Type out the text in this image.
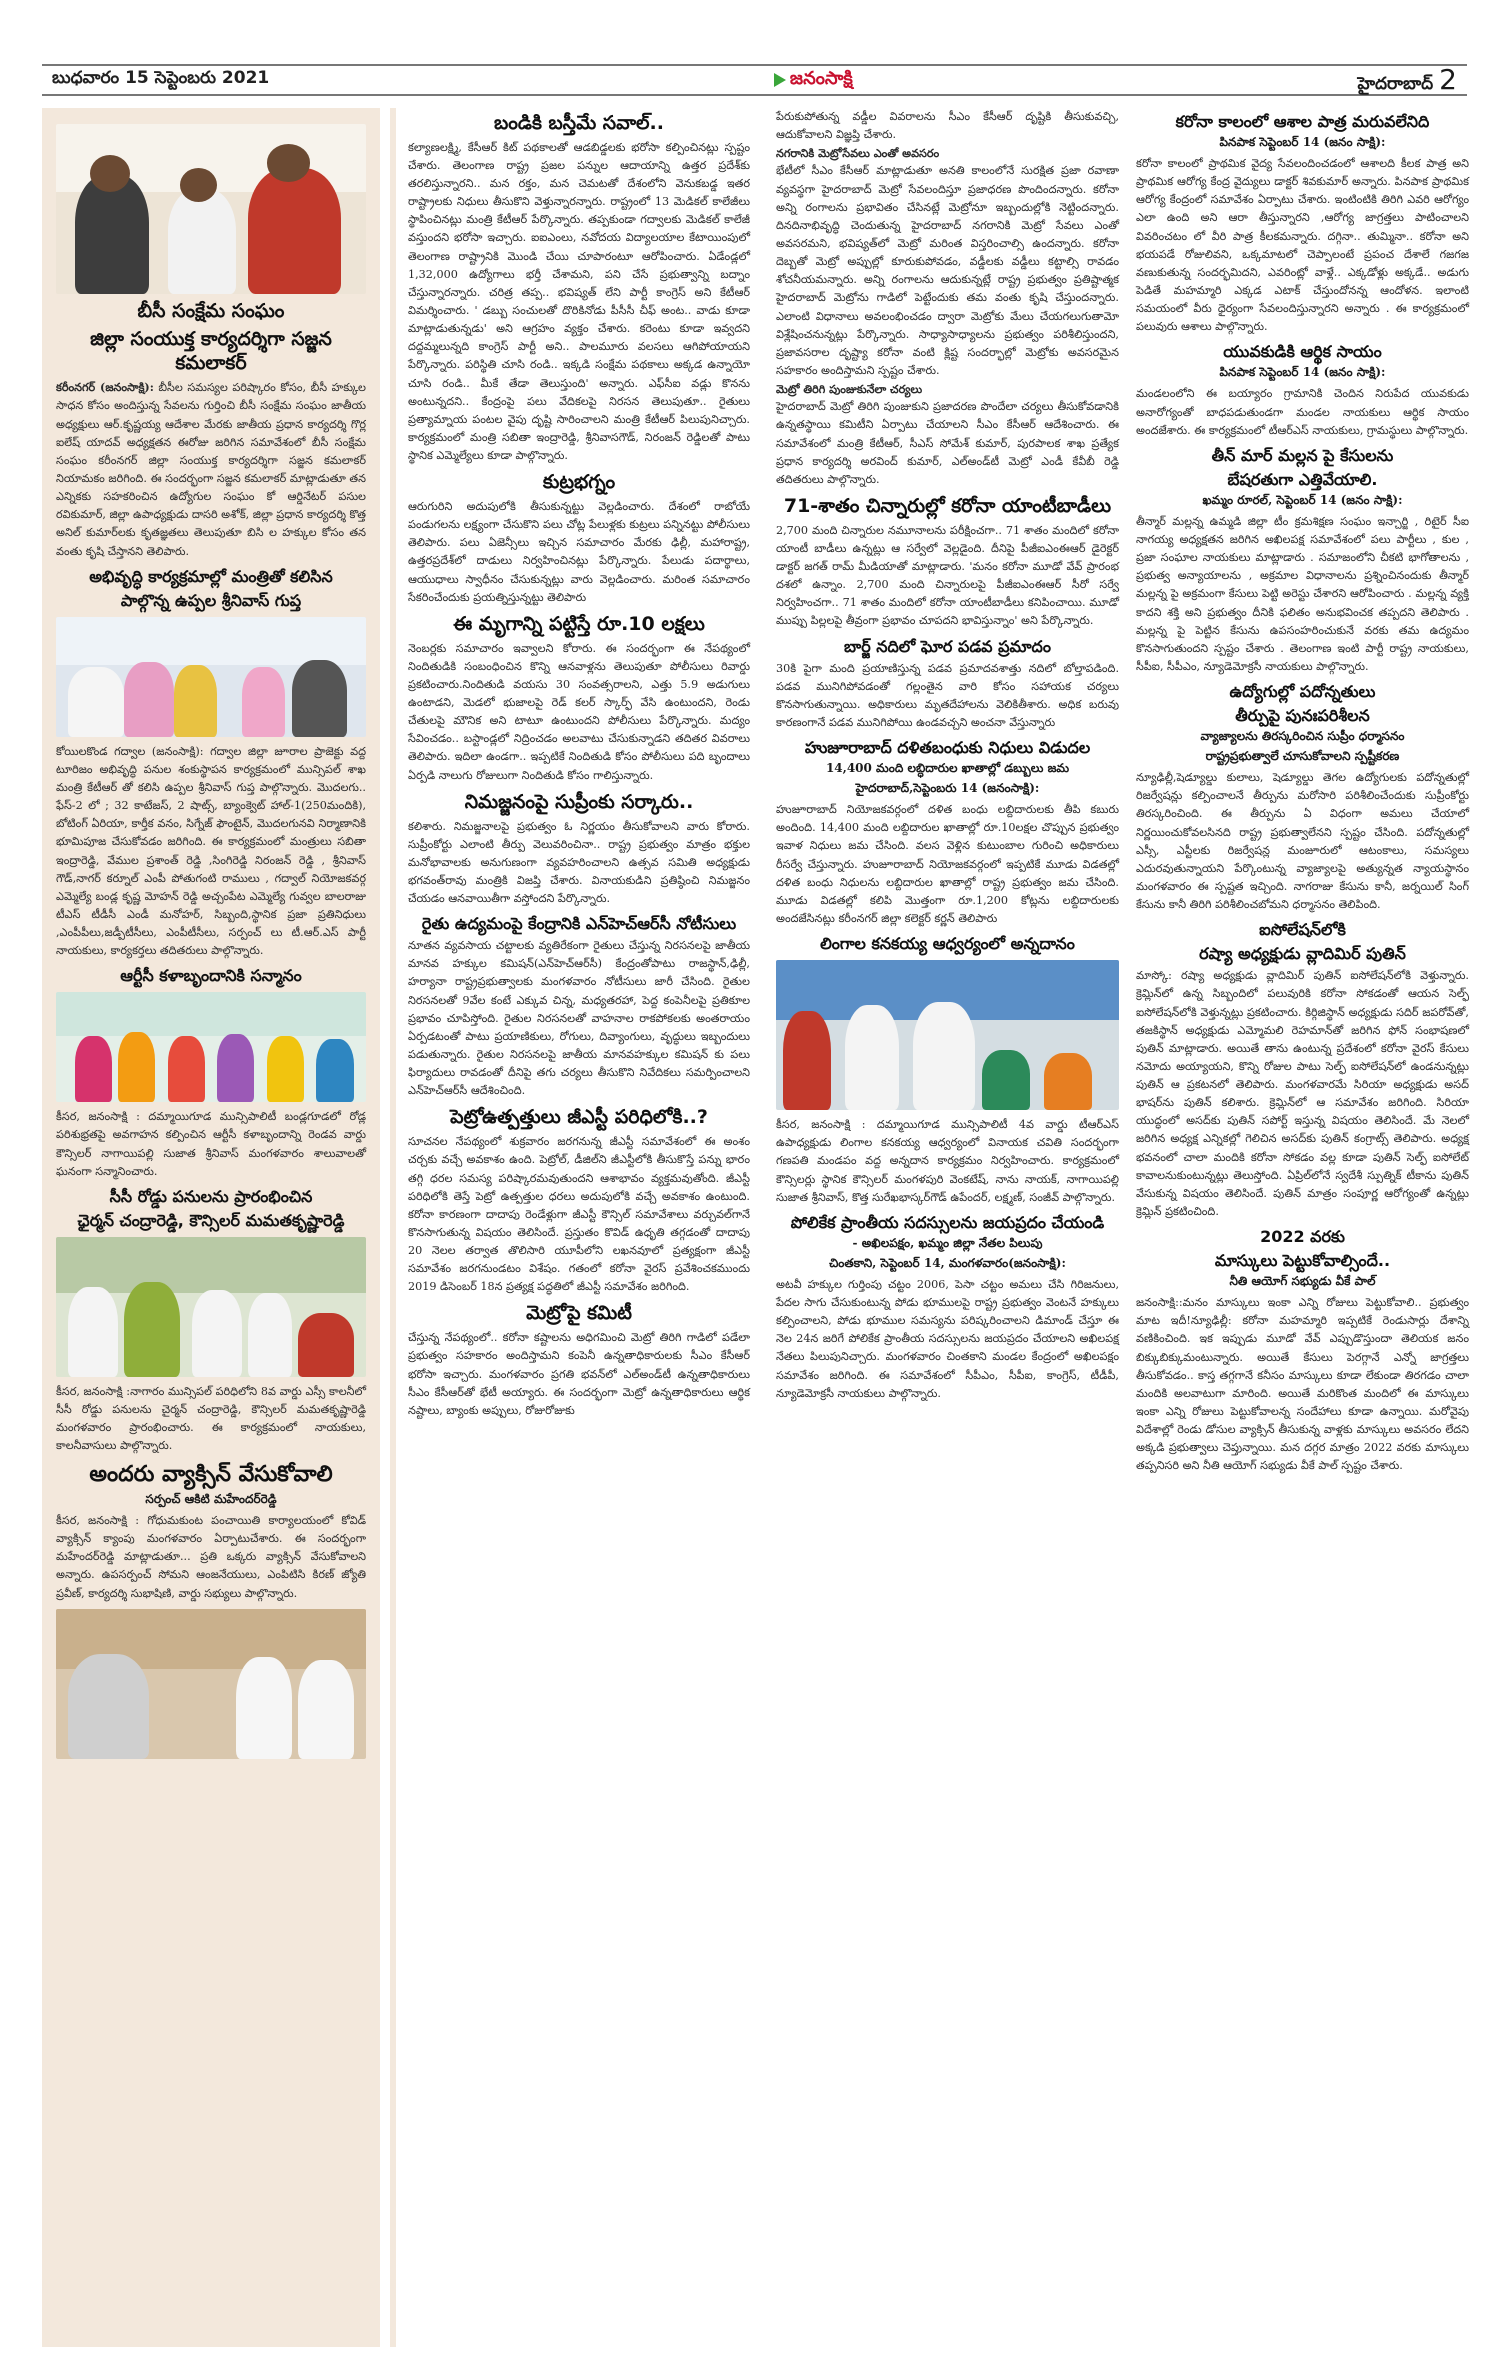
బుధవారం 15 సెప్టెంబరు 2021	జనంసాక్షి	హైదరాబాద్ 2
బీసీ సంక్షేమ సంఘం
జిల్లా సంయుక్త కార్యదర్శిగా సజ్జన కమలాకర్

కరీంనగర్ (జనంసాక్షి): బీసీల సమస్యల పరిష్కారం కోసం, బీసీ హక్కుల సాధన కోసం అందిస్తున్న సేవలను గుర్తించి బీసీ సంక్షేమ సంఘం జాతీయ అధ్యక్షులు ఆర్.కృష్ణయ్య ఆదేశాల మేరకు జాతీయ ప్రధాన కార్యదర్శి గొర్ల ఐలేష్ యాదవ్ అధ్యక్షతన ఈరోజు జరిగిన సమావేశంలో బీసీ సంక్షేమ సంఘం కరీంనగర్ జిల్లా సంయుక్త కార్యదర్శిగా సజ్జన కమలాకర్ నియామకం జరిగింది. ఈ సందర్భంగా సజ్జన కమలాకర్ మాట్లాడుతూ తన ఎన్నికకు సహకరించిన ఉద్యోగుల సంఘం కో ఆర్డినేటర్ పసుల రవికుమార్, జిల్లా ఉపాధ్యక్షుడు దాసరి అశోక్, జిల్లా ప్రధాన కార్యదర్శి కొత్త అనిల్ కుమార్‌లకు కృతజ్ఞతలు తెలుపుతూ బిసి ల హక్కుల కోసం తన వంతు కృషి చేస్తానని తెలిపారు.

అభివృద్ధి కార్యక్రమాల్లో మంత్రితో కలిసిన
పాల్గొన్న ఉప్పల శ్రీనివాస్ గుప్త

కోయిలకొండ గద్వాల (జనంసాక్షి): గద్వాల జిల్లా జూరాల ప్రాజెక్టు వద్ద టూరిజం అభివృద్ధి పనుల శంకుస్థాపన కార్యక్రమంలో మున్సిపల్ శాఖ మంత్రి కేటీఆర్ తో కలిసి ఉప్పల శ్రీనివాస్ గుప్త పాల్గొన్నారు. మొదలగు.. ఫేస్-2 లో ; 32 కాటేజస్, 2 షాట్స్, బ్యాంక్వెట్ హాల్-1(250మందికి), బోటింగ్ ఏరియా, కార్తీక వనం, సిగ్నేజ్ ఫౌంటైన్, మొదలగునవి నిర్మాణానికి భూమిపూజ చేసుకోవడం జరిగింది. ఈ కార్యక్రమంలో మంత్రులు సబితా ఇంద్రారెడ్డి, వేముల ప్రశాంత్ రెడ్డి ,సింగిరెడ్డి నిరంజన్ రెడ్డి , శ్రీనివాస్ గౌడ్,నాగర్ కర్నూల్ ఎంపీ పోతుగంటి రాములు , గద్వాల్ నియోజకవర్గ ఎమ్మెల్యే బండ్ల కృష్ణ మోహన్ రెడ్డి అచ్చంపేట ఎమ్మెల్యే గువ్వల బాలరాజు టీఎస్ టీడీసీ ఎండీ మనోహర్, సిబ్బంది,స్థానిక ప్రజా ప్రతినిధులు ,ఎంపీపీలు,జడ్పీటీసీలు, ఎంపీటీసీలు, సర్పంచ్ లు టీ.ఆర్.ఎస్ పార్టీ నాయకులు, కార్యకర్తలు తదితరులు పాల్గొన్నారు.

ఆర్టీసీ కళాబృందానికి సన్మానం

కీసర, జనంసాక్షి : దమ్మాయిగూడ మున్సిపాలిటీ బండ్లగూడలో రోడ్ల పరిశుభ్రతపై అవగాహన కల్పించిన ఆర్టీసీ కళాబృందాన్ని రెండవ వార్డు కౌన్సిలర్ నాగాయిపల్లి సుజాత శ్రీనివాస్ మంగళవారం శాలువాలతో ఘనంగా సన్మానించారు.

సీసీ రోడ్డు పనులను ప్రారంభించిన
ఛైర్మన్ చంద్రారెడ్డి, కౌన్సిలర్ మమతకృష్ణారెడ్డి

కీసర, జనంసాక్షి :నాగారం మున్సిపల్ పరిధిలోని 8వ వార్డు ఎస్సీ కాలనీలో సీసీ రోడ్డు పనులను చైర్మన్ చంద్రారెడ్డి, కౌన్సిలర్ మమతకృష్ణారెడ్డి మంగళవారం ప్రారంభించారు. ఈ కార్యక్రమంలో నాయకులు, కాలనీవాసులు పాల్గొన్నారు.

అందరు వ్యాక్సిన్ వేసుకోవాలి
సర్పంచ్ ఆకిటి మహేందర్‌రెడ్డి

కీసర, జనంసాక్షి : గోధుమకుంట పంచాయితి కార్యాలయంలో కోవిడ్ వ్యాక్సిన్ క్యాంపు మంగళవారం ఏర్పాటుచేశారు. ఈ సందర్భంగా మహేందర్‌రెడ్డి మాట్లాడుతూ... ప్రతి ఒక్కరు వ్యాక్సిన్ వేసుకోవాలని అన్నారు. ఉపసర్పంచ్ సోమని ఆంజనేయులు, ఎంపిటిసి కిరణ్ జ్యోతి ప్రవీణ్, కార్యదర్శి సుభాషిణి, వార్డు సభ్యులు పాల్గొన్నారు.

బండికి బస్తీమే సవాల్..

కల్యాణలక్ష్మి, కేసీఆర్ కిట్ పథకాలతో ఆడబిడ్డలకు భరోసా కల్పించినట్లు స్పష్టం చేశారు. తెలంగాణ రాష్ట్ర ప్రజల పన్నుల ఆదాయాన్ని ఉత్తర ప్రదేశ్‌కు తరలిస్తున్నారని.. మన రక్తం, మన చెమటతో దేశంలోని వెనుకబడ్డ ఇతర రాష్ట్రాలకు నిధులు తీసుకొని వెళ్తున్నారన్నారు. రాష్ట్రంలో 13 మెడికల్ కాలేజీలు స్థాపించినట్లు మంత్రి కేటీఆర్ పేర్కొన్నారు. తప్పకుండా గద్వాలకు మెడికల్ కాలేజీ వస్తుందని భరోసా ఇచ్చారు. ఐఐఎంలు, నవోదయ విద్యాలయాల కేటాయింపులో తెలంగాణ రాష్ట్రానికి మొండి చేయి చూపారంటూ ఆరోపించారు. ఏడేండ్లలో 1,32,000 ఉద్యోగాలు భర్తీ చేశామని, పని చేసే ప్రభుత్వాన్ని బద్నాం చేస్తున్నారన్నారు. చరిత్ర తప్ప.. భవిష్యత్ లేని పార్టీ కాంగ్రెస్ అని కేటీఆర్ విమర్శించారు. ' డబ్బు సంచులతో దొరికినోడు పీసీసీ చీఫ్ అంట.. వాడు కూడా మాట్లాడుతున్నడు' అని ఆగ్రహం వ్యక్తం చేశారు. కరెంటు కూడా ఇవ్వదని దద్దమ్మలున్నది కాంగ్రెస్ పార్టీ అని.. పాలమూరు వలసలు ఆగిపోయాయని పేర్కొన్నారు. పరిస్థితి చూసి రండి.. ఇక్కడి సంక్షేమ పథకాలు అక్కడ ఉన్నాయో చూసి రండి.. మీకే తేడా తెలుస్తుంది' అన్నారు. ఎఫ్‌సీఐ వడ్లు కొనను అంటున్నదని.. కేంద్రంపై పలు వేదికలపై నిరసన తెలుపుతూ.. రైతులు ప్రత్యామ్నాయ పంటల వైపు దృష్టి సారించాలని మంత్రి కేటీఆర్ పిలుపునిచ్చారు. కార్యక్రమంలో మంత్రి సబితా ఇంద్రారెడ్డి, శ్రీనివాసగౌడ్, నిరంజన్ రెడ్డిలతో పాటు స్థానిక ఎమ్మెల్యేలు కూడా పాల్గొన్నారు.

కుట్రభగ్నం

ఆరుగురిని అదుపులోకి తీసుకున్నట్టు వెల్లడించారు. దేశంలో రాబోయే పండుగలను లక్ష్యంగా చేసుకొని పలు చోట్ల పేలుళ్లకు కుట్రలు పన్నినట్టు పోలీసులు తెలిపారు. పలు ఏజెన్సీలు ఇచ్చిన సమాచారం మేరకు ఢిల్లీ, మహారాష్ట్ర, ఉత్తరప్రదేశ్‌లో దాడులు నిర్వహించినట్లు పేర్కొన్నారు. పేలుడు పదార్థాలు, ఆయుధాలు స్వాధీనం చేసుకున్నట్లు వారు వెల్లడించారు. మరింత సమాచారం సేకరించేందుకు ప్రయత్నిస్తున్నట్టు తెలిపారు

ఈ మృగాన్ని పట్టిస్తే రూ.10 లక్షలు

నెంబర్లకు సమాచారం ఇవ్వాలని కోరారు. ఈ సందర్భంగా ఈ నేపథ్యంలో నిందితుడికి సంబంధించిన కొన్ని ఆనవాళ్లను తెలుపుతూ పోలీసులు రివార్డు ప్రకటించారు.నిందితుడి వయసు 30 సంవత్సరాలని, ఎత్తు 5.9 అడుగులు ఉంటాడని, మెడలో భుజాలపై రెడ్ కలర్ స్కార్ఫ్ వేసి ఉంటుందని, రెండు చేతులపై మౌనిక అని టాటూ ఉంటుందని పోలీసులు పేర్కొన్నారు. మద్యం సేవించడం.. బస్టాండ్లలో నిద్రించడం అలవాటు చేసుకున్నాడని తదితర వివరాలు తెలిపారు. ఇదిలా ఉండగా.. ఇప్పటికే నిందితుడి కోసం పోలీసులు పది బృందాలు ఏర్పడి నాలుగు రోజులుగా నిందితుడి కోసం గాలిస్తున్నారు.

నిమజ్జనంపై సుప్రీంకు సర్కారు..

కలిశారు. నిమజ్జనాలపై ప్రభుత్వం ఓ నిర్ణయం తీసుకోవాలని వారు కోరారు. సుప్రీంకోర్టు ఎలాంటి తీర్పు వెలువరించినా.. రాష్ట్ర ప్రభుత్వం మాత్రం భక్తుల మనోభావాలకు అనుగుణంగా వ్యవహరించాలని ఉత్సవ సమితి అధ్యక్షుడు భగవంత్‌రావు మంత్రికి విజప్తి చేశారు. వినాయకుడిని ప్రతిష్ఠించి నిమజ్జనం చేయడం ఆనవాయితీగా వస్తోందని పేర్కొన్నారు.

రైతు ఉద్యమంపై కేంద్రానికి ఎన్‌హెచ్ఆర్‌సీ నోటీసులు

నూతన వ్యవసాయ చట్టాలకు వ్యతిరేకంగా రైతులు చేస్తున్న నిరసనలపై జాతీయ మానవ హక్కుల కమిషన్(ఎన్‌హెచ్ఆర్‌సీ) కేంద్రంతోపాటు రాజస్థాన్,ఢిల్లీ, హర్యానా రాష్ట్రప్రభుత్వాలకు మంగళవారం నోటీసులు జారీ చేసింది. రైతుల నిరసనలతో 9వేల కంటే ఎక్కువ చిన్న, మధ్యతరహా, పెద్ద కంపెనీలపై ప్రతికూల ప్రభావం చూపిస్తోంది. రైతుల నిరసనలతో వాహనాల రాకపోకలకు అంతరాయం ఏర్పడటంతో పాటు ప్రయాణికులు, రోగులు, దివ్యాంగులు, వృద్ధులు ఇబ్బందులు పడుతున్నారు. రైతుల నిరసనలపై జాతీయ మానవహక్కుల కమిషన్ కు పలు ఫిర్యాదులు రావడంతో దీనిపై తగు చర్యలు తీసుకొని నివేదికలు సమర్పించాలని ఎన్‌హెచ్ఆర్‌సీ ఆదేశించింది.

పెట్రోఉత్పత్తులు జీఎస్టీ పరిధిలోకి..?

సూచనల నేపథ్యంలో శుక్రవారం జరగనున్న జీఎస్టీ సమావేశంలో ఈ అంశం చర్చకు వచ్చే అవకాశం ఉంది. పెట్రోల్, డీజిల్‌ని జీఎస్టీలోకి తీసుకొస్తే పన్ను భారం తగ్గి ధరల సమస్య పరిష్కారమవుతుందని ఆశాభావం వ్యక్తమవుతోంది. జీఎస్టీ పరిధిలోకి తెస్తే పెట్రో ఉత్పత్తుల ధరలు అదుపులోకి వచ్చే అవకాశం ఉంటుంది. కరోనా కారణంగా దాదాపు రెండేళ్లుగా జీఎస్టీ కౌన్సిల్ సమావేశాలు వర్చువల్‌గానే కొనసాగుతున్న విషయం తెలిసిందే. ప్రస్తుతం కొవిడ్ ఉధృతి తగ్గడంతో దాదాపు 20 నెలల తర్వాత తొలిసారి యూపీలోని లఖనవూలో ప్రత్యక్షంగా జీఎస్టీ సమావేశం జరగనుండటం విశేషం. గతంలో కరోనా వైరస్ ప్రవేశించకముందు 2019 డిసెంబర్ 18న ప్రత్యక్ష పద్ధతిలో జీఎస్టీ సమావేశం జరిగింది.

మెట్రోపై కమిటీ

చేస్తున్న నేపథ్యంలో.. కరోనా కష్టాలను అధిగమించి మెట్రో తిరిగి గాడిలో పడేలా ప్రభుత్వం సహకారం అందిస్తామని కంపెనీ ఉన్నతాధికారులకు సీఎం కేసీఆర్ భరోసా ఇచ్చారు. మంగళవారం ప్రగతి భవన్‌లో ఎల్అండ్‌టీ ఉన్నతాధికారులు సీఎం కేసీఆర్‌తో భేటీ అయ్యారు. ఈ సందర్భంగా మెట్రో ఉన్నతాధికారులు ఆర్థిక నష్టాలు, బ్యాంకు అప్పులు, రోజురోజుకు

పేరుకుపోతున్న వడ్డీల వివరాలను సీఎం కేసీఆర్ దృష్టికి తీసుకువచ్చి, ఆదుకోవాలని విజ్ఞప్తి చేశారు.

నగరానికి మెట్రోసేవలు ఎంతో అవసరం

భేటీలో సీఎం కేసీఆర్ మాట్లాడుతూ అనతి కాలంలోనే సురక్షిత ప్రజా రవాణా వ్యవస్థగా హైదరాబాద్ మెట్రో సేవలందిస్తూ ప్రజాధరణ పొందిందన్నారు. కరోనా అన్ని రంగాలను ప్రభావితం చేసినట్లే మెట్రోనూ ఇబ్బందుల్లోకి నెట్టిందన్నారు. దినదినాభివృద్ధి చెందుతున్న హైదరాబాద్ నగరానికి మెట్రో సేవలు ఎంతో అవసరమని, భవిష్యత్‌లో మెట్రో మరింత విస్తరించాల్సి ఉందన్నారు. కరోనా దెబ్బతో మెట్రో అప్పుల్లో కూరుకుపోవడం, వడ్డీలకు వడ్డీలు కట్టాల్సి రావడం శోచనీయమన్నారు. అన్ని రంగాలను ఆదుకున్నట్లే రాష్ట్ర ప్రభుత్వం ప్రతిష్టాత్మక హైదరాబాద్ మెట్రోను గాడిలో పెట్టేందుకు తమ వంతు కృషి చేస్తుందన్నారు. ఎలాంటి విధానాలు అవలంభించడం ద్వారా మెట్రోకు మేలు చేయగలుగుతామో విశ్లేషించనున్నట్లు పేర్కొన్నారు. సాధ్యాసాధ్యాలను ప్రభుత్వం పరిశీలిస్తుందని, ప్రజావసరాల దృష్ట్యా కరోనా వంటి క్లిష్ట సందర్భాల్లో మెట్రోకు అవసరమైన సహకారం అందిస్తామని స్పష్టం చేశారు.

మెట్రో తిరిగి పుంజుకునేలా చర్యలు

హైదరాబాద్ మెట్రో తిరిగి పుంజుకుని ప్రజాదరణ పొందేలా చర్యలు తీసుకోవడానికి ఉన్నతస్థాయి కమిటీని ఏర్పాటు చేయాలని సీఎం కేసీఆర్ ఆదేశించారు. ఈ సమావేశంలో మంత్రి కేటీఆర్, సీఎస్ సోమేశ్ కుమార్, పురపాలక శాఖ ప్రత్యేక ప్రధాన కార్యదర్శి అరవింద్ కుమార్, ఎల్అండ్‌టీ మెట్రో ఎండీ కేవీబీ రెడ్డి తదితరులు పాల్గొన్నారు.

71-శాతం చిన్నారుల్లో కరోనా యాంటీబాడీలు

2,700 మంది చిన్నారుల నమూనాలను పరీక్షించగా.. 71 శాతం మందిలో కరోనా యాంటీ బాడీలు ఉన్నట్లు ఆ సర్వేలో వెల్లడైంది. దీనిపై పీజీఐఎంఈఆర్ డైరెక్టర్ డాక్టర్ జగత్ రామ్ మీడియాతో మాట్లాడారు. 'మనం కరోనా మూడో వేవ్ ప్రారంభ దశలో ఉన్నాం. 2,700 మంది చిన్నారులపై పీజీఐఎంఈఆర్ సీరో సర్వే నిర్వహించగా.. 71 శాతం మందిలో కరోనా యాంటీబాడీలు కనిపించాయి. మూడో ముప్పు పిల్లలపై తీవ్రంగా ప్రభావం చూపదని భావిస్తున్నాం' అని పేర్కొన్నారు.

బార్జ్ నదిలో ఘోర పడవ ప్రమాదం

30కి పైగా మంది ప్రయాణిస్తున్న పడవ ప్రమాదవశాత్తు నదిలో బోల్తాపడింది. పడవ మునిగిపోవడంతో గల్లంతైన వారి కోసం సహాయక చర్యలు కొనసాగుతున్నాయి. అధికారులు మృతదేహాలను వెలికితీశారు. అధిక బరువు కారణంగానే పడవ మునిగిపోయి ఉండవచ్చని అంచనా వేస్తున్నారు

హుజూరాబాద్ దళితబంధుకు నిధులు విడుదల
14,400 మంది లబ్ధిదారుల ఖాతాల్లో డబ్బులు జమ
హైదరాబాద్,సెప్టెంబరు 14 (జనంసాక్షి):

హుజూరాబాద్ నియోజకవర్గంలో దళిత బంధు లబ్దిదారులకు తీపి కబురు అందింది. 14,400 మంది లబ్దిదారుల ఖాతాల్లో రూ.10లక్షల చొప్పున ప్రభుత్వం ఇవాళ నిధులు జమ చేసింది. వలస వెళ్లిన కుటుంబాల గురించి అధికారులు రీసర్వే చేస్తున్నారు. హుజూరాబాద్ నియోజకవర్గంలో ఇప్పటికే మూడు విడతల్లో దళిత బంధు నిధులను లబ్దిదారుల ఖాతాల్లో రాష్ట్ర ప్రభుత్వం జమ చేసింది. మూడు విడతల్లో కలిపి మొత్తంగా రూ.1,200 కోట్లను లబ్దిదారులకు అందజేసినట్లు కరీంనగర్ జిల్లా కలెక్టర్ కర్ణన్ తెలిపారు

లింగాల కనకయ్య ఆధ్వర్యంలో అన్నదానం

కీసర, జనంసాక్షి : దమ్మాయిగూడ మున్సిపాలిటీ 4వ వార్డు టీఆర్ఎస్ ఉపాధ్యక్షుడు లింగాల కనకయ్య ఆధ్వర్యంలో వినాయక చవితి సందర్భంగా గణపతి మండపం వద్ద అన్నదాన కార్యక్రమం నిర్వహించారు. కార్యక్రమంలో కౌన్సిలర్లు స్థానిక కౌన్సిలర్ మంగళపురి వెంకటేష్, నాను నాయక్, నాగాయిపల్లి సుజాత శ్రీనివాస్, కొత్త సురేఖభాస్కర్‌గౌడ్ ఉపేందర్, లక్ష్మణ్, సంజీవ్ పాల్గొన్నారు.

పోలికేక ప్రాంతీయ సదస్సులను జయప్రదం చేయండి
- అఖిలపక్షం, ఖమ్మం జిల్లా నేతల పిలుపు
చింతకాని, సెప్టెంబర్ 14, మంగళవారం(జనంసాక్షి):

అటవీ హక్కుల గుర్తింపు చట్టం 2006, పెసా చట్టం అమలు చేసి గిరిజనులు, పేదల సాగు చేసుకుంటున్న పోడు భూములపై రాష్ట్ర ప్రభుత్వం వెంటనే హక్కులు కల్పించాలని, పోడు భూముల సమస్యను పరిష్కరించాలని డిమాండ్ చేస్తూ ఈ నెల 24న జరిగే పోలికేక ప్రాంతీయ సదస్సులను జయప్రదం చేయాలని అఖిలపక్ష నేతలు పిలుపునిచ్చారు. మంగళవారం చింతకాని మండల కేంద్రంలో అఖిలపక్షం సమావేశం జరిగింది. ఈ సమావేశంలో సీపీఎం, సీపీఐ, కాంగ్రెస్, టీడీపీ, న్యూడెమోక్రసీ నాయకులు పాల్గొన్నారు.

కరోనా కాలంలో ఆశాల పాత్ర మరువలేనిది
పినపాక సెప్టెంబర్ 14 (జనం సాక్షి):

కరోనా కాలంలో ప్రాథమిక వైద్య సేవలందించడంలో ఆశాలది కీలక పాత్ర అని ప్రాథమిక ఆరోగ్య కేంద్ర వైద్యులు డాక్టర్ శివకుమార్ అన్నారు. పినపాక ప్రాథమిక ఆరోగ్య కేంద్రంలో సమావేశం ఏర్పాటు చేశారు. ఇంటింటికి తిరిగి ఎవరి ఆరోగ్యం ఎలా ఉంది అని ఆరా తీస్తున్నారని ,ఆరోగ్య జాగ్రత్తలు పాటించాలని వివరించటం లో వీరి పాత్ర కీలకమన్నారు. దగ్గినా.. తుమ్మినా.. కరోనా అని భయపడే రోజులివని, ఒక్కమాటలో చెప్పాలంటే ప్రపంచ దేశాలే గజగజ వణుకుతున్న సందర్భమిదని, ఎవరింట్లో వాళ్లే.. ఎక్కడోళ్లు అక్కడే.. అడుగు పెడితే మహమ్మారి ఎక్కడ ఎటాక్ చేస్తుందోనన్న ఆందోళన. ఇలాంటి సమయంలో వీరు ధైర్యంగా సేవలందిస్తున్నారని అన్నారు . ఈ కార్యక్రమంలో పలువురు ఆశాలు పాల్గొన్నారు.

యువకుడికి ఆర్థిక సాయం
పినపాక సెప్టెంబర్ 14 (జనం సాక్షి):

మండలంలోని ఈ బయ్యారం గ్రామానికి చెందిన నిరుపేద యువకుడు అనారోగ్యంతో బాధపడుతుండగా మండల నాయకులు ఆర్థిక సాయం అందజేశారు. ఈ కార్యక్రమంలో టీఆర్ఎస్ నాయకులు, గ్రామస్థులు పాల్గొన్నారు.

తీన్ మార్ మల్లన పై కేసులను
బేషరతుగా ఎత్తివేయాలి.
ఖమ్మం రూరల్, సెప్టెంబర్ 14 (జనం సాక్షి):

తీన్మార్ మల్లన్న ఉమ్మడి జిల్లా టీం క్రమశిక్షణ సంఘం ఇన్చార్జి , రిటైర్ సీఐ నాగయ్య అధ్యక్షతన జరిగిన అఖిలపక్ష సమావేశంలో పలు పార్టీలు , కుల , ప్రజా సంఘాల నాయకులు మాట్లాడారు . సమాజంలోని చీకటి భాగోతాలను , ప్రభుత్వ అన్యాయాలను , అక్రమాల విధానాలను ప్రశ్నించినందుకు తీన్మార్ మల్లన్న పై అక్రమంగా కేసులు పెట్టి అరెస్టు చేశారని ఆరోపించారు . మల్లన్న వ్యక్తి కాదని శక్తి అని ప్రభుత్వం దీనికి ఫలితం అనుభవించక తప్పదని తెలిపారు . మల్లన్న పై పెట్టిన కేసును ఉపసంహరించుకునే వరకు తమ ఉద్యమం కొనసాగుతుందని స్పష్టం చేశారు . తెలంగాణ ఇంటి పార్టీ రాష్ట్ర నాయకులు, సీపీఐ, సీపీఎం, న్యూడెమోక్రసీ నాయకులు పాల్గొన్నారు.

ఉద్యోగుల్లో పదోన్నతులు
తీర్పుపై పునఃపరిశీలన
వ్యాజ్యాలను తిరస్కరించిన సుప్రీం ధర్మాసనం
రాష్ట్రప్రభుత్వాలే చూసుకోవాలని స్పష్టీకరణ

న్యూఢిల్లీ,షెడ్యూల్డు కులాలు, షెడ్యూల్డు తెగల ఉద్యోగులకు పదోన్నతుల్లో రిజర్వేషన్లు కల్పించాలనే తీర్పును మరోసారి పరిశీలించేందుకు సుప్రీంకోర్టు తిరస్కరించింది. ఈ తీర్పును ఏ విధంగా అమలు చేయాలో నిర్ణయించుకోవలసినది రాష్ట్ర ప్రభుత్వాలేనని స్పష్టం చేసింది. పదోన్నతుల్లో ఎస్సీ, ఎస్టీలకు రిజర్వేషన్ల మంజూరులో ఆటంకాలు, సమస్యలు ఎదురవుతున్నాయని పేర్కొంటున్న వ్యాజ్యాలపై అత్యున్నత న్యాయస్థానం మంగళవారం ఈ స్పష్టత ఇచ్చింది. నాగరాజు కేసును కానీ, జర్నయిల్ సింగ్ కేసును కానీ తిరిగి పరిశీలించబోమని ధర్మాసనం తెలిపింది.

ఐసోలేషన్‌లోకి
రష్యా అధ్యక్షుడు వ్లాదిమిర్ పుతిన్

మాస్కో: రష్యా అధ్యక్షుడు వ్లాదిమిర్ పుతిన్ ఐసోలేషన్‌లోకి వెళ్తున్నారు. క్రెమ్లిన్‌లో ఉన్న సిబ్బందిలో పలువురికి కరోనా సోకడంతో ఆయన సెల్ఫ్ ఐసోలేషన్‌లోకి వెళ్తున్నట్లు ప్రకటించారు. కిర్గిజిస్థాన్ అధ్యక్షుడు సదిర్ జపరోవ్‌తో, తజకిస్థాన్ అధ్యక్షుడు ఎమ్మోమలి రెహమాన్‌తో జరిగిన ఫోన్ సంభాషణలో పుతిన్ మాట్లాడారు. అయితే తాను ఉంటున్న ప్రదేశంలో కరోనా వైరస్ కేసులు నమోదు అయ్యాయని, కొన్ని రోజుల పాటు సెల్ఫ్ ఐసోలేషన్‌లో ఉండనున్నట్లు పుతిన్ ఆ ప్రకటనలో తెలిపారు. మంగళవారమే సిరియా అధ్యక్షుడు అసద్ భాషర్‌ను పుతిన్ కలిశారు. క్రెమ్లిన్‌లో ఆ సమావేశం జరిగింది. సిరియా యుద్ధంలో అసద్‌కు పుతిన్ సపోర్ట్ ఇస్తున్న విషయం తెలిసిందే. మే నెలలో జరిగిన అధ్యక్ష ఎన్నికల్లో గెలిచిన అసద్‌కు పుతిన్ కంగ్రాట్స్ తెలిపారు. అధ్యక్ష భవనంలో చాలా మందికి కరోనా సోకడం వల్ల కూడా పుతిన్ సెల్ఫ్ ఐసోలేట్ కావాలనుకుంటున్నట్లు తెలుస్తోంది. ఏప్రిల్‌లోనే స్వదేశీ స్పుత్నిక్ టీకాను పుతిన్ వేసుకున్న విషయం తెలిసిందే. పుతిన్ మాత్రం సంపూర్ణ ఆరోగ్యంతో ఉన్నట్లు క్రెమ్లిన్ ప్రకటించింది.

2022 వరకు
మాస్కులు పెట్టుకోవాల్సిందే..
నీతి ఆయోగ్ సభ్యుడు వీకే పాల్

జనంసాక్షి::మనం మాస్కులు ఇంకా ఎన్ని రోజులు పెట్టుకోవాలి.. ప్రభుత్వం మాట ఇదీ!న్యూఢిల్లీ: కరోనా మహమ్మారి ఇప్పటికే రెండుసార్లు దేశాన్ని వణికించింది. ఇక ఇప్పుడు మూడో వేవ్ ఎప్పుడొస్తుందా తెలియక జనం బిక్కుబిక్కుమంటున్నారు. అయితే కేసులు పెరగ్గానే ఎన్నో జాగ్రత్తలు తీసుకోవడం.. కాస్త తగ్గగానే కనీసం మాస్కులు కూడా లేకుండా తిరగడం చాలా మందికి అలవాటుగా మారింది. అయితే మరికొంత మందిలో ఈ మాస్కులు ఇంకా ఎన్ని రోజులు పెట్టుకోవాలన్న సందేహాలు కూడా ఉన్నాయి. మరోవైపు విదేశాల్లో రెండు డోసుల వ్యాక్సిన్ తీసుకున్న వాళ్లకు మాస్కులు అవసరం లేదని అక్కడి ప్రభుత్వాలు చెప్తున్నాయి. మన దగ్గర మాత్రం 2022 వరకు మాస్కులు తప్పనిసరి అని నీతి ఆయోగ్ సభ్యుడు వీకే పాల్ స్పష్టం చేశారు.
